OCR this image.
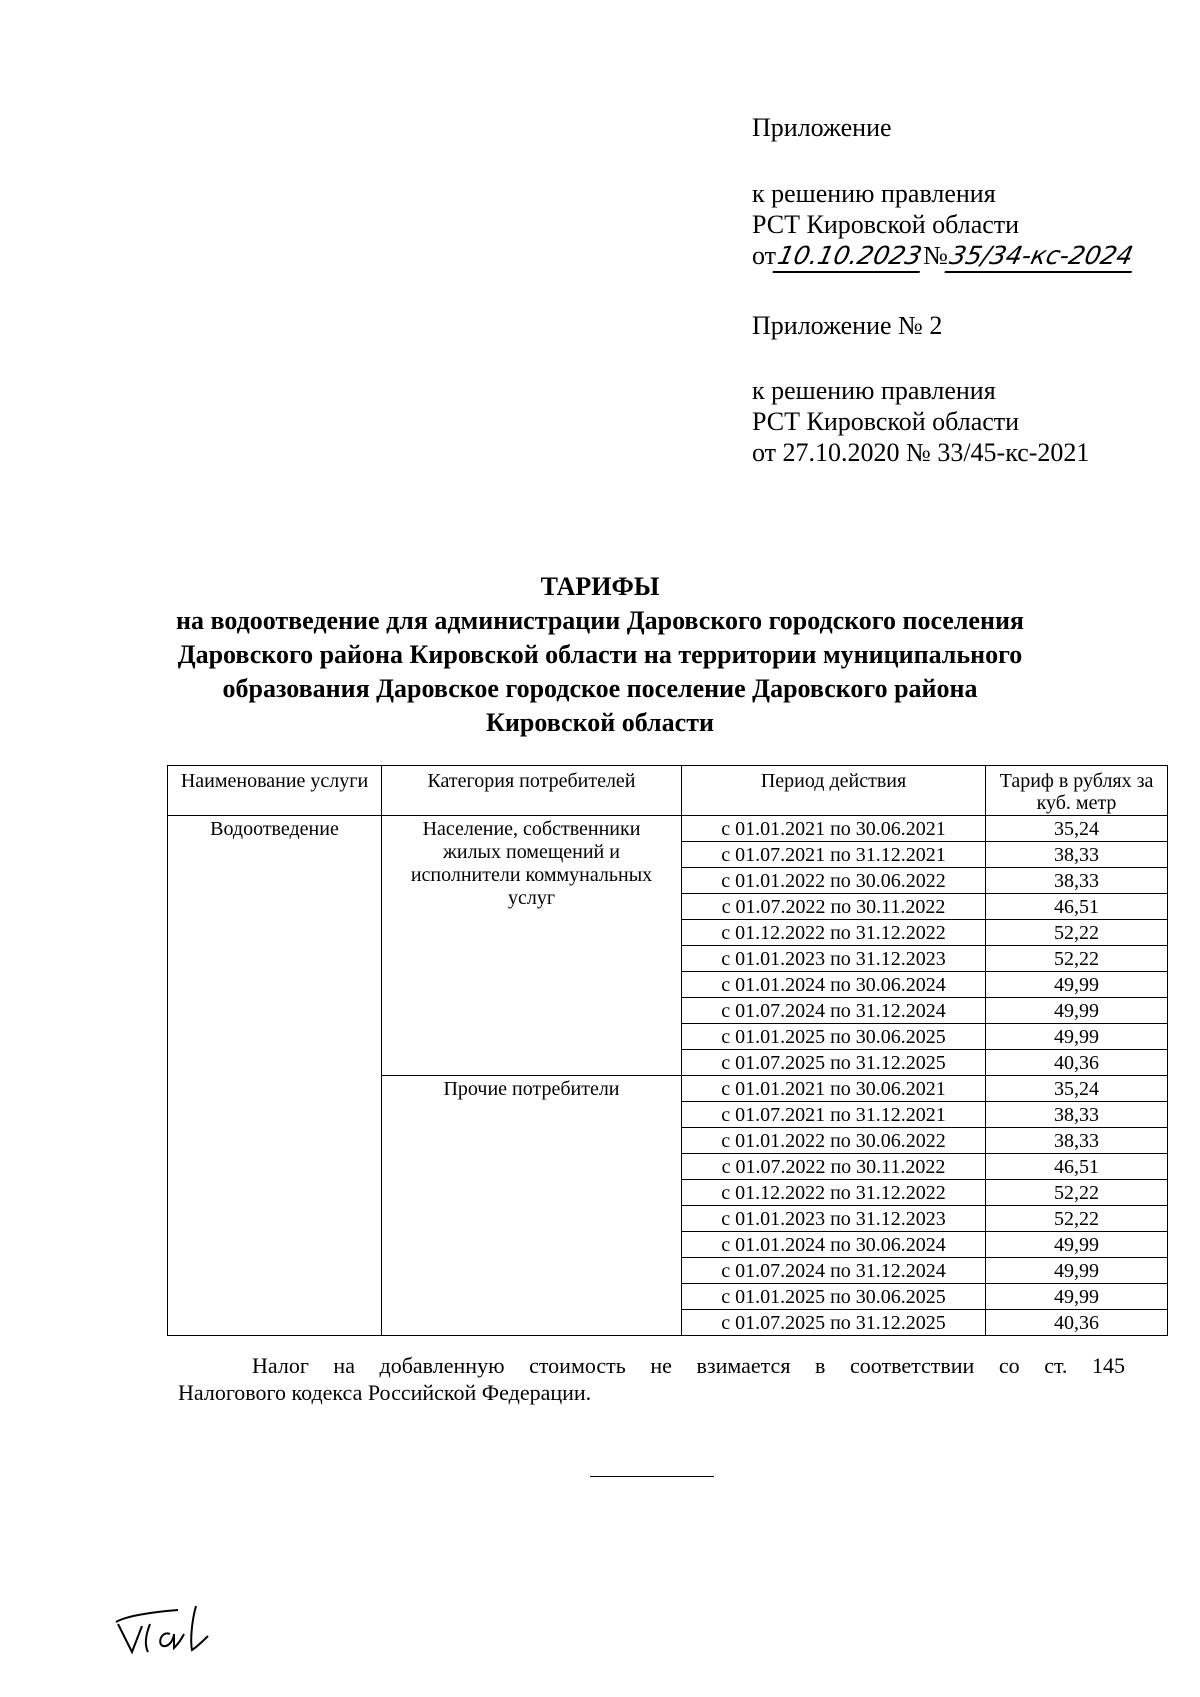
Приложение
к решению правления
РСТ Кировской области
от10.10.2023№35/34-кс-2024
Приложение № 2
к решению правления
РСТ Кировской области
от 27.10.2020 № 33/45-кс-2021
ТАРИФЫ
на водоотведение для администрации Даровского городского поселения
Даровского района Кировской области на территории муниципального
образования Даровское городское поселение Даровского района
Кировской области
Наименование услуги	Категория потребителей	Период действия	Тариф в рублях за куб. метр
Водоотведение	Население, собственники жилых помещений и исполнители коммунальных услуг	с 01.01.2021 по 30.06.2021	35,24
		с 01.07.2021 по 31.12.2021	38,33
		с 01.01.2022 по 30.06.2022	38,33
		с 01.07.2022 по 30.11.2022	46,51
		с 01.12.2022 по 31.12.2022	52,22
		с 01.01.2023 по 31.12.2023	52,22
		с 01.01.2024 по 30.06.2024	49,99
		с 01.07.2024 по 31.12.2024	49,99
		с 01.01.2025 по 30.06.2025	49,99
		с 01.07.2025 по 31.12.2025	40,36
	Прочие потребители	с 01.01.2021 по 30.06.2021	35,24
		с 01.07.2021 по 31.12.2021	38,33
		с 01.01.2022 по 30.06.2022	38,33
		с 01.07.2022 по 30.11.2022	46,51
		с 01.12.2022 по 31.12.2022	52,22
		с 01.01.2023 по 31.12.2023	52,22
		с 01.01.2024 по 30.06.2024	49,99
		с 01.07.2024 по 31.12.2024	49,99
		с 01.01.2025 по 30.06.2025	49,99
		с 01.07.2025 по 31.12.2025	40,36
Налог на добавленную стоимость не взимается в соответствии со ст. 145
Налогового кодекса Российской Федерации.
